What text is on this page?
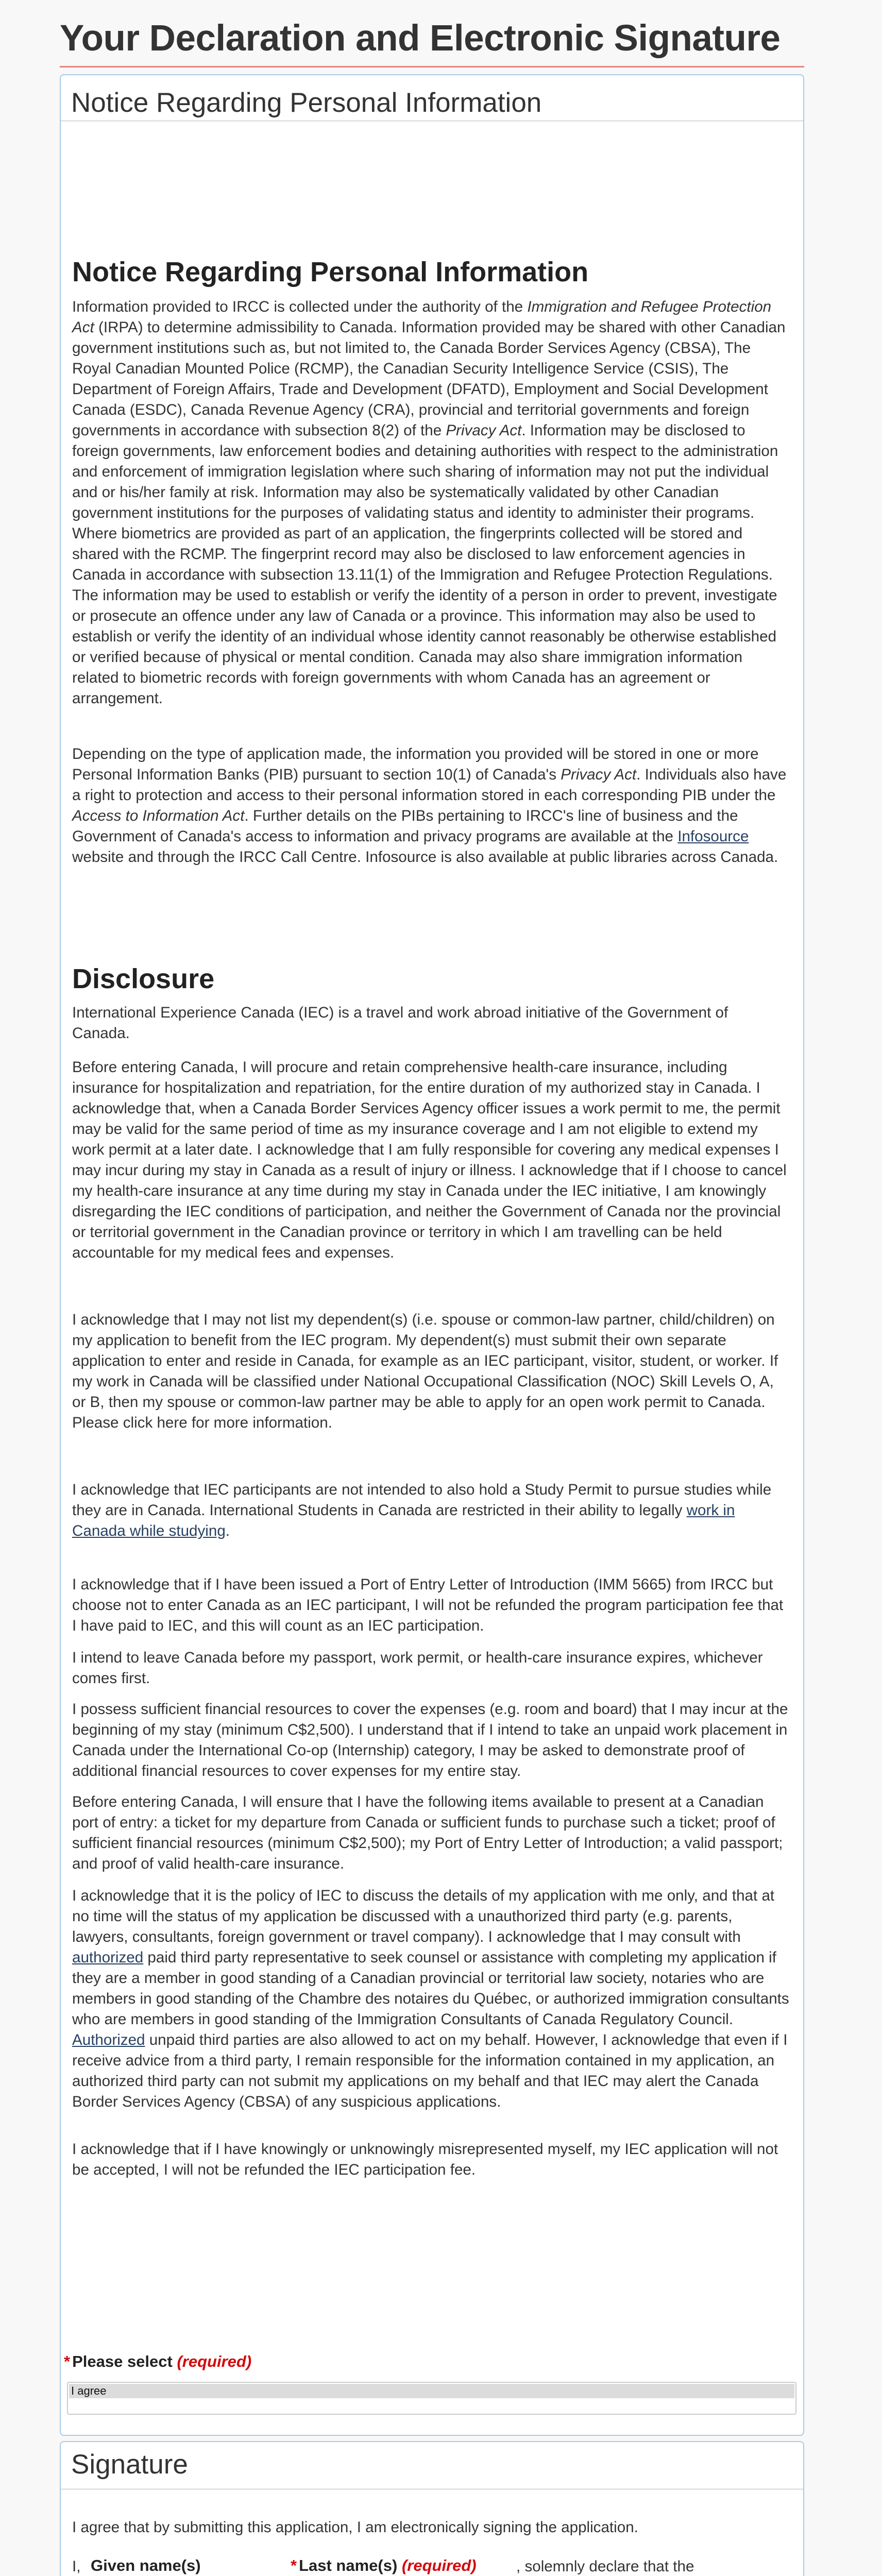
Your Declaration and Electronic Signature
Notice Regarding Personal Information
Notice Regarding Personal Information

Information provided to IRCC is collected under the authority of the Immigration and Refugee Protection Act (IRPA) to determine admissibility to Canada. Information provided may be shared with other Canadian government institutions such as, but not limited to, the Canada Border Services Agency (CBSA), The Royal Canadian Mounted Police (RCMP), the Canadian Security Intelligence Service (CSIS), The Department of Foreign Affairs, Trade and Development (DFATD), Employment and Social Development Canada (ESDC), Canada Revenue Agency (CRA), provincial and territorial governments and foreign governments in accordance with subsection 8(2) of the Privacy Act. Information may be disclosed to foreign governments, law enforcement bodies and detaining authorities with respect to the administration and enforcement of immigration legislation where such sharing of information may not put the individual and or his/her family at risk. Information may also be systematically validated by other Canadian government institutions for the purposes of validating status and identity to administer their programs.

Where biometrics are provided as part of an application, the fingerprints collected will be stored and shared with the RCMP. The fingerprint record may also be disclosed to law enforcement agencies in Canada in accordance with subsection 13.11(1) of the Immigration and Refugee Protection Regulations. The information may be used to establish or verify the identity of a person in order to prevent, investigate or prosecute an offence under any law of Canada or a province. This information may also be used to establish or verify the identity of an individual whose identity cannot reasonably be otherwise established or verified because of physical or mental condition. Canada may also share immigration information related to biometric records with foreign governments with whom Canada has an agreement or arrangement.

Depending on the type of application made, the information you provided will be stored in one or more Personal Information Banks (PIB) pursuant to section 10(1) of Canada's Privacy Act. Individuals also have a right to protection and access to their personal information stored in each corresponding PIB under the Access to Information Act. Further details on the PIBs pertaining to IRCC's line of business and the Government of Canada's access to information and privacy programs are available at the Infosource website and through the IRCC Call Centre. Infosource is also available at public libraries across Canada.

Disclosure

International Experience Canada (IEC) is a travel and work abroad initiative of the Government of Canada.

Before entering Canada, I will procure and retain comprehensive health-care insurance, including insurance for hospitalization and repatriation, for the entire duration of my authorized stay in Canada. I acknowledge that, when a Canada Border Services Agency officer issues a work permit to me, the permit may be valid for the same period of time as my insurance coverage and I am not eligible to extend my work permit at a later date. I acknowledge that I am fully responsible for covering any medical expenses I may incur during my stay in Canada as a result of injury or illness. I acknowledge that if I choose to cancel my health-care insurance at any time during my stay in Canada under the IEC initiative, I am knowingly disregarding the IEC conditions of participation, and neither the Government of Canada nor the provincial or territorial government in the Canadian province or territory in which I am travelling can be held accountable for my medical fees and expenses.

I acknowledge that I may not list my dependent(s) (i.e. spouse or common-law partner, child/children) on my application to benefit from the IEC program. My dependent(s) must submit their own separate application to enter and reside in Canada, for example as an IEC participant, visitor, student, or worker. If my work in Canada will be classified under National Occupational Classification (NOC) Skill Levels O, A, or B, then my spouse or common-law partner may be able to apply for an open work permit to Canada. Please click here for more information.

I acknowledge that IEC participants are not intended to also hold a Study Permit to pursue studies while they are in Canada. International Students in Canada are restricted in their ability to legally work in Canada while studying.

I acknowledge that if I have been issued a Port of Entry Letter of Introduction (IMM 5665) from IRCC but choose not to enter Canada as an IEC participant, I will not be refunded the program participation fee that I have paid to IEC, and this will count as an IEC participation.

I intend to leave Canada before my passport, work permit, or health-care insurance expires, whichever comes first.

I possess sufficient financial resources to cover the expenses (e.g. room and board) that I may incur at the beginning of my stay (minimum C$2,500). I understand that if I intend to take an unpaid work placement in Canada under the International Co-op (Internship) category, I may be asked to demonstrate proof of additional financial resources to cover expenses for my entire stay.

Before entering Canada, I will ensure that I have the following items available to present at a Canadian port of entry: a ticket for my departure from Canada or sufficient funds to purchase such a ticket; proof of sufficient financial resources (minimum C$2,500); my Port of Entry Letter of Introduction; a valid passport; and proof of valid health-care insurance.

I acknowledge that it is the policy of IEC to discuss the details of my application with me only, and that at no time will the status of my application be discussed with a unauthorized third party (e.g. parents, lawyers, consultants, foreign government or travel company). I acknowledge that I may consult with authorized paid third party representative to seek counsel or assistance with completing my application if they are a member in good standing of a Canadian provincial or territorial law society, notaries who are members in good standing of the Chambre des notaires du Québec, or authorized immigration consultants who are members in good standing of the Immigration Consultants of Canada Regulatory Council. Authorized unpaid third parties are also allowed to act on my behalf. However, I acknowledge that even if I receive advice from a third party, I remain responsible for the information contained in my application, an authorized third party can not submit my applications on my behalf and that IEC may alert the Canada Border Services Agency (CBSA) of any suspicious applications.

I acknowledge that if I have knowingly or unknowingly misrepresented myself, my IEC application will not be accepted, I will not be refunded the IEC participation fee.

* Please select (required)
I agree
Signature
I agree that by submitting this application, I am electronically signing the application.
I, Given name(s)	* Last name(s) (required)	, solemnly declare that the
